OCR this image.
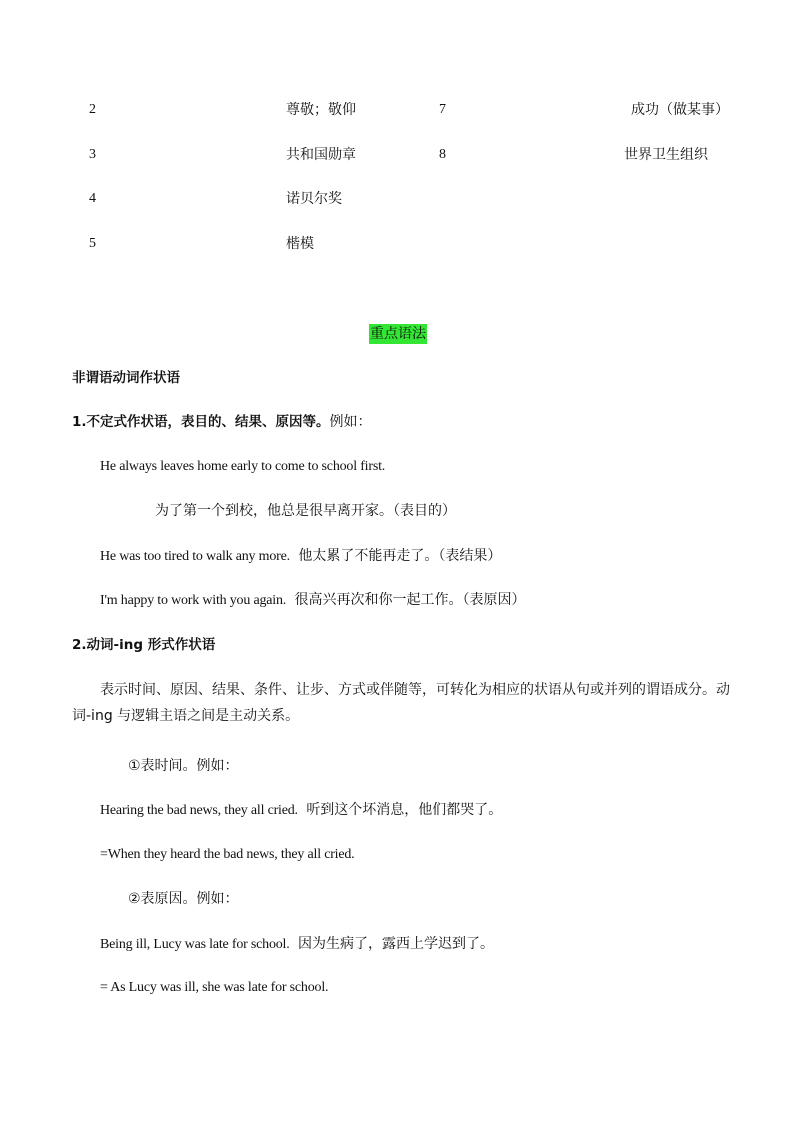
2	尊敬；敬仰	7	成功（做某事）
3	共和国勋章	8	世界卫生组织
4	诺贝尔奖
5	楷模
重点语法
非谓语动词作状语
1.不定式作状语，表目的、结果、原因等。例如：
He always leaves home early to come to school first.
为了第一个到校，他总是很早离开家。（表目的）
He was too tired to walk any more. 他太累了不能再走了。（表结果）
I'm happy to work with you again. 很高兴再次和你一起工作。（表原因）
2.动词-ing 形式作状语
表示时间、原因、结果、条件、让步、方式或伴随等，可转化为相应的状语从句或并列的谓语成分。动词-ing 与逻辑主语之间是主动关系。
①表时间。例如：
Hearing the bad news, they all cried. 听到这个坏消息，他们都哭了。
=When they heard the bad news, they all cried.
②表原因。例如：
Being ill, Lucy was late for school. 因为生病了，露西上学迟到了。
= As Lucy was ill, she was late for school.
